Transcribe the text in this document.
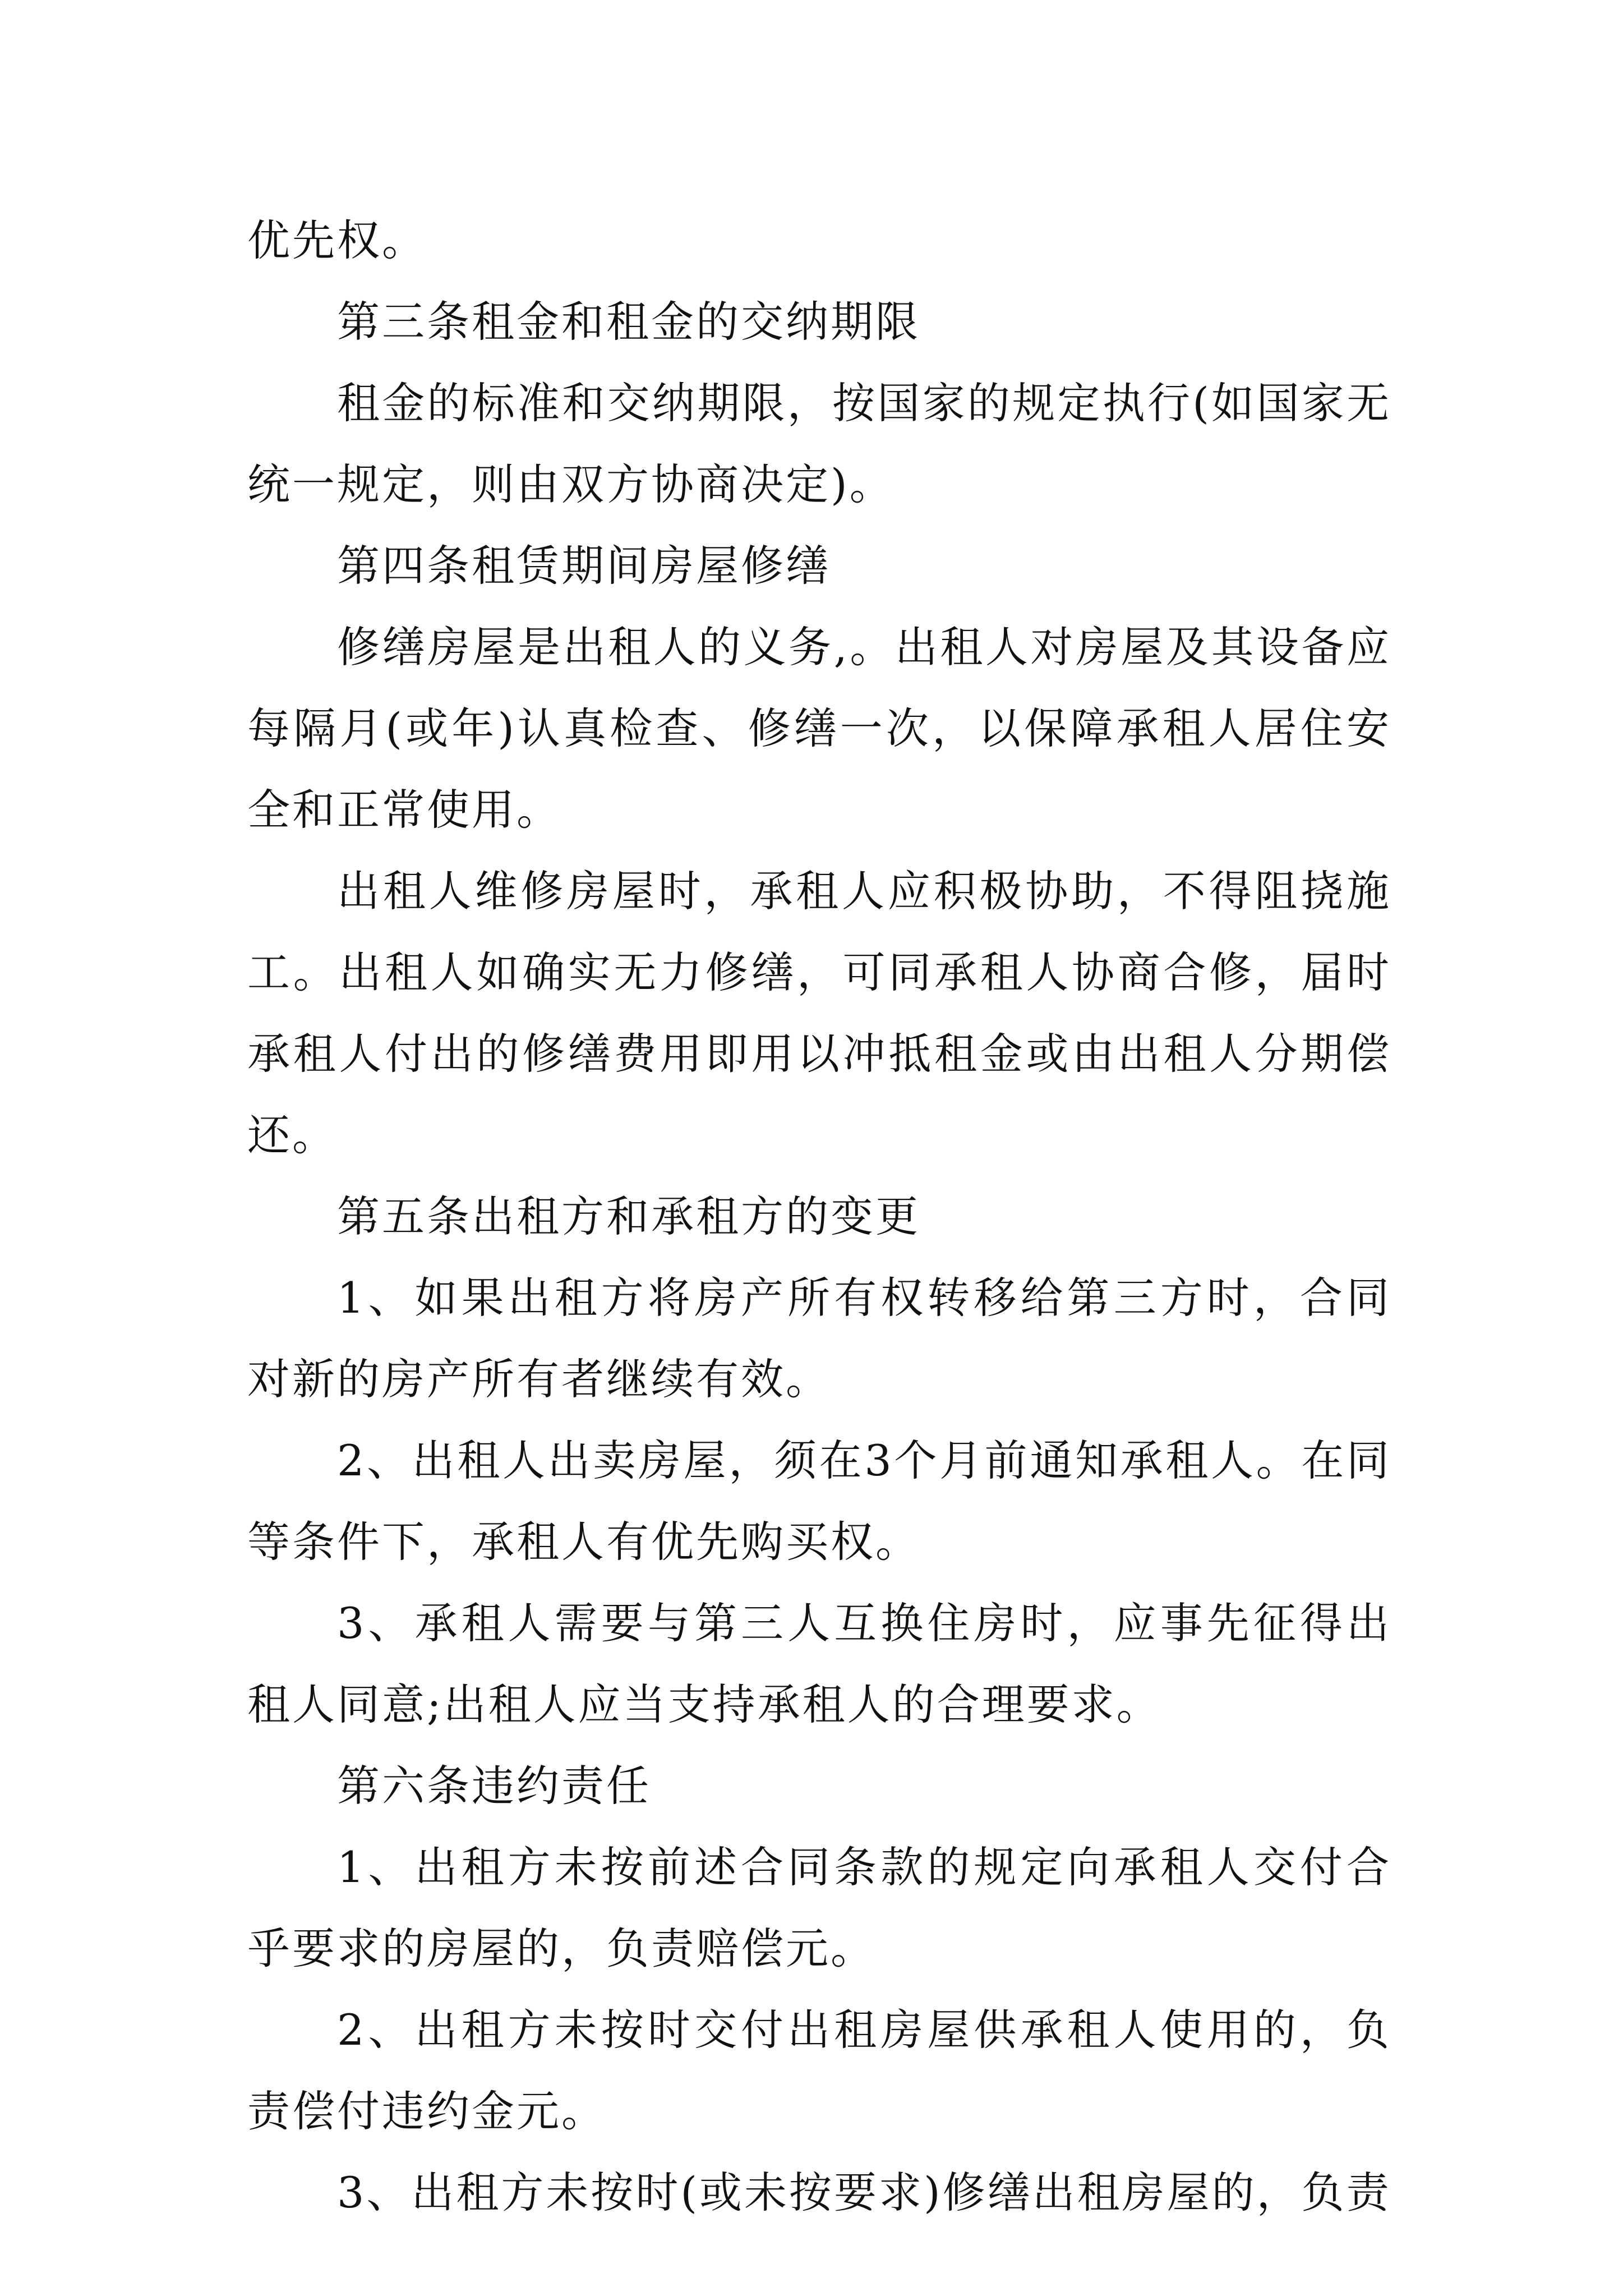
优先权。

第三条租金和租金的交纳期限

租金的标准和交纳期限，按国家的规定执行(如国家无统一规定，则由双方协商决定)。

第四条租赁期间房屋修缮

修缮房屋是出租人的义务,。出租人对房屋及其设备应每隔月(或年)认真检查、修缮一次，以保障承租人居住安全和正常使用。

出租人维修房屋时，承租人应积极协助，不得阻挠施工。出租人如确实无力修缮，可同承租人协商合修，届时承租人付出的修缮费用即用以冲抵租金或由出租人分期偿还。

第五条出租方和承租方的变更

1、如果出租方将房产所有权转移给第三方时，合同对新的房产所有者继续有效。

2、出租人出卖房屋，须在3个月前通知承租人。在同等条件下，承租人有优先购买权。

3、承租人需要与第三人互换住房时，应事先征得出租人同意;出租人应当支持承租人的合理要求。

第六条违约责任

1、出租方未按前述合同条款的规定向承租人交付合乎要求的房屋的，负责赔偿元。

2、出租方未按时交付出租房屋供承租人使用的，负责偿付违约金元。

3、出租方未按时(或未按要求)修缮出租房屋的，负责
